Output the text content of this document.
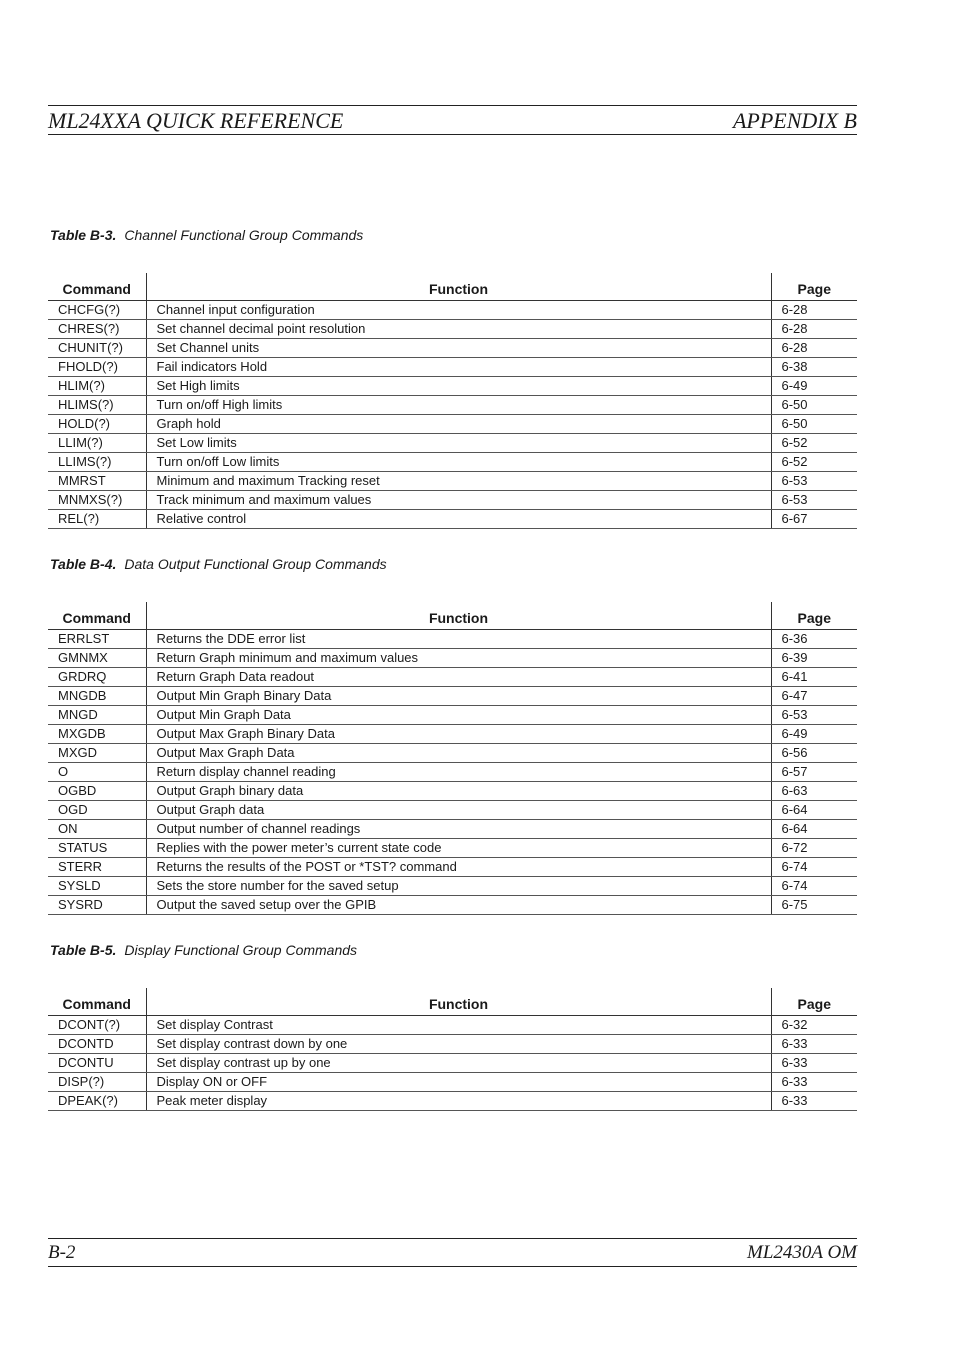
ML24XXA QUICK REFERENCE	APPENDIX B
Table B-3. Channel Functional Group Commands
Command	Function	Page
CHCFG(?)	Channel input configuration	6-28
CHRES(?)	Set channel decimal point resolution	6-28
CHUNIT(?)	Set Channel units	6-28
FHOLD(?)	Fail indicators Hold	6-38
HLIM(?)	Set High limits	6-49
HLIMS(?)	Turn on/off High limits	6-50
HOLD(?)	Graph hold	6-50
LLIM(?)	Set Low limits	6-52
LLIMS(?)	Turn on/off Low limits	6-52
MMRST	Minimum and maximum Tracking reset	6-53
MNMXS(?)	Track minimum and maximum values	6-53
REL(?)	Relative control	6-67
Table B-4. Data Output Functional Group Commands
Command	Function	Page
ERRLST	Returns the DDE error list	6-36
GMNMX	Return Graph minimum and maximum values	6-39
GRDRQ	Return Graph Data readout	6-41
MNGDB	Output Min Graph Binary Data	6-47
MNGD	Output Min Graph Data	6-53
MXGDB	Output Max Graph Binary Data	6-49
MXGD	Output Max Graph Data	6-56
O	Return display channel reading	6-57
OGBD	Output Graph binary data	6-63
OGD	Output Graph data	6-64
ON	Output number of channel readings	6-64
STATUS	Replies with the power meter’s current state code	6-72
STERR	Returns the results of the POST or *TST? command	6-74
SYSLD	Sets the store number for the saved setup	6-74
SYSRD	Output the saved setup over the GPIB	6-75
Table B-5. Display Functional Group Commands
Command	Function	Page
DCONT(?)	Set display Contrast	6-32
DCONTD	Set display contrast down by one	6-33
DCONTU	Set display contrast up by one	6-33
DISP(?)	Display ON or OFF	6-33
DPEAK(?)	Peak meter display	6-33
B-2	ML2430A OM
